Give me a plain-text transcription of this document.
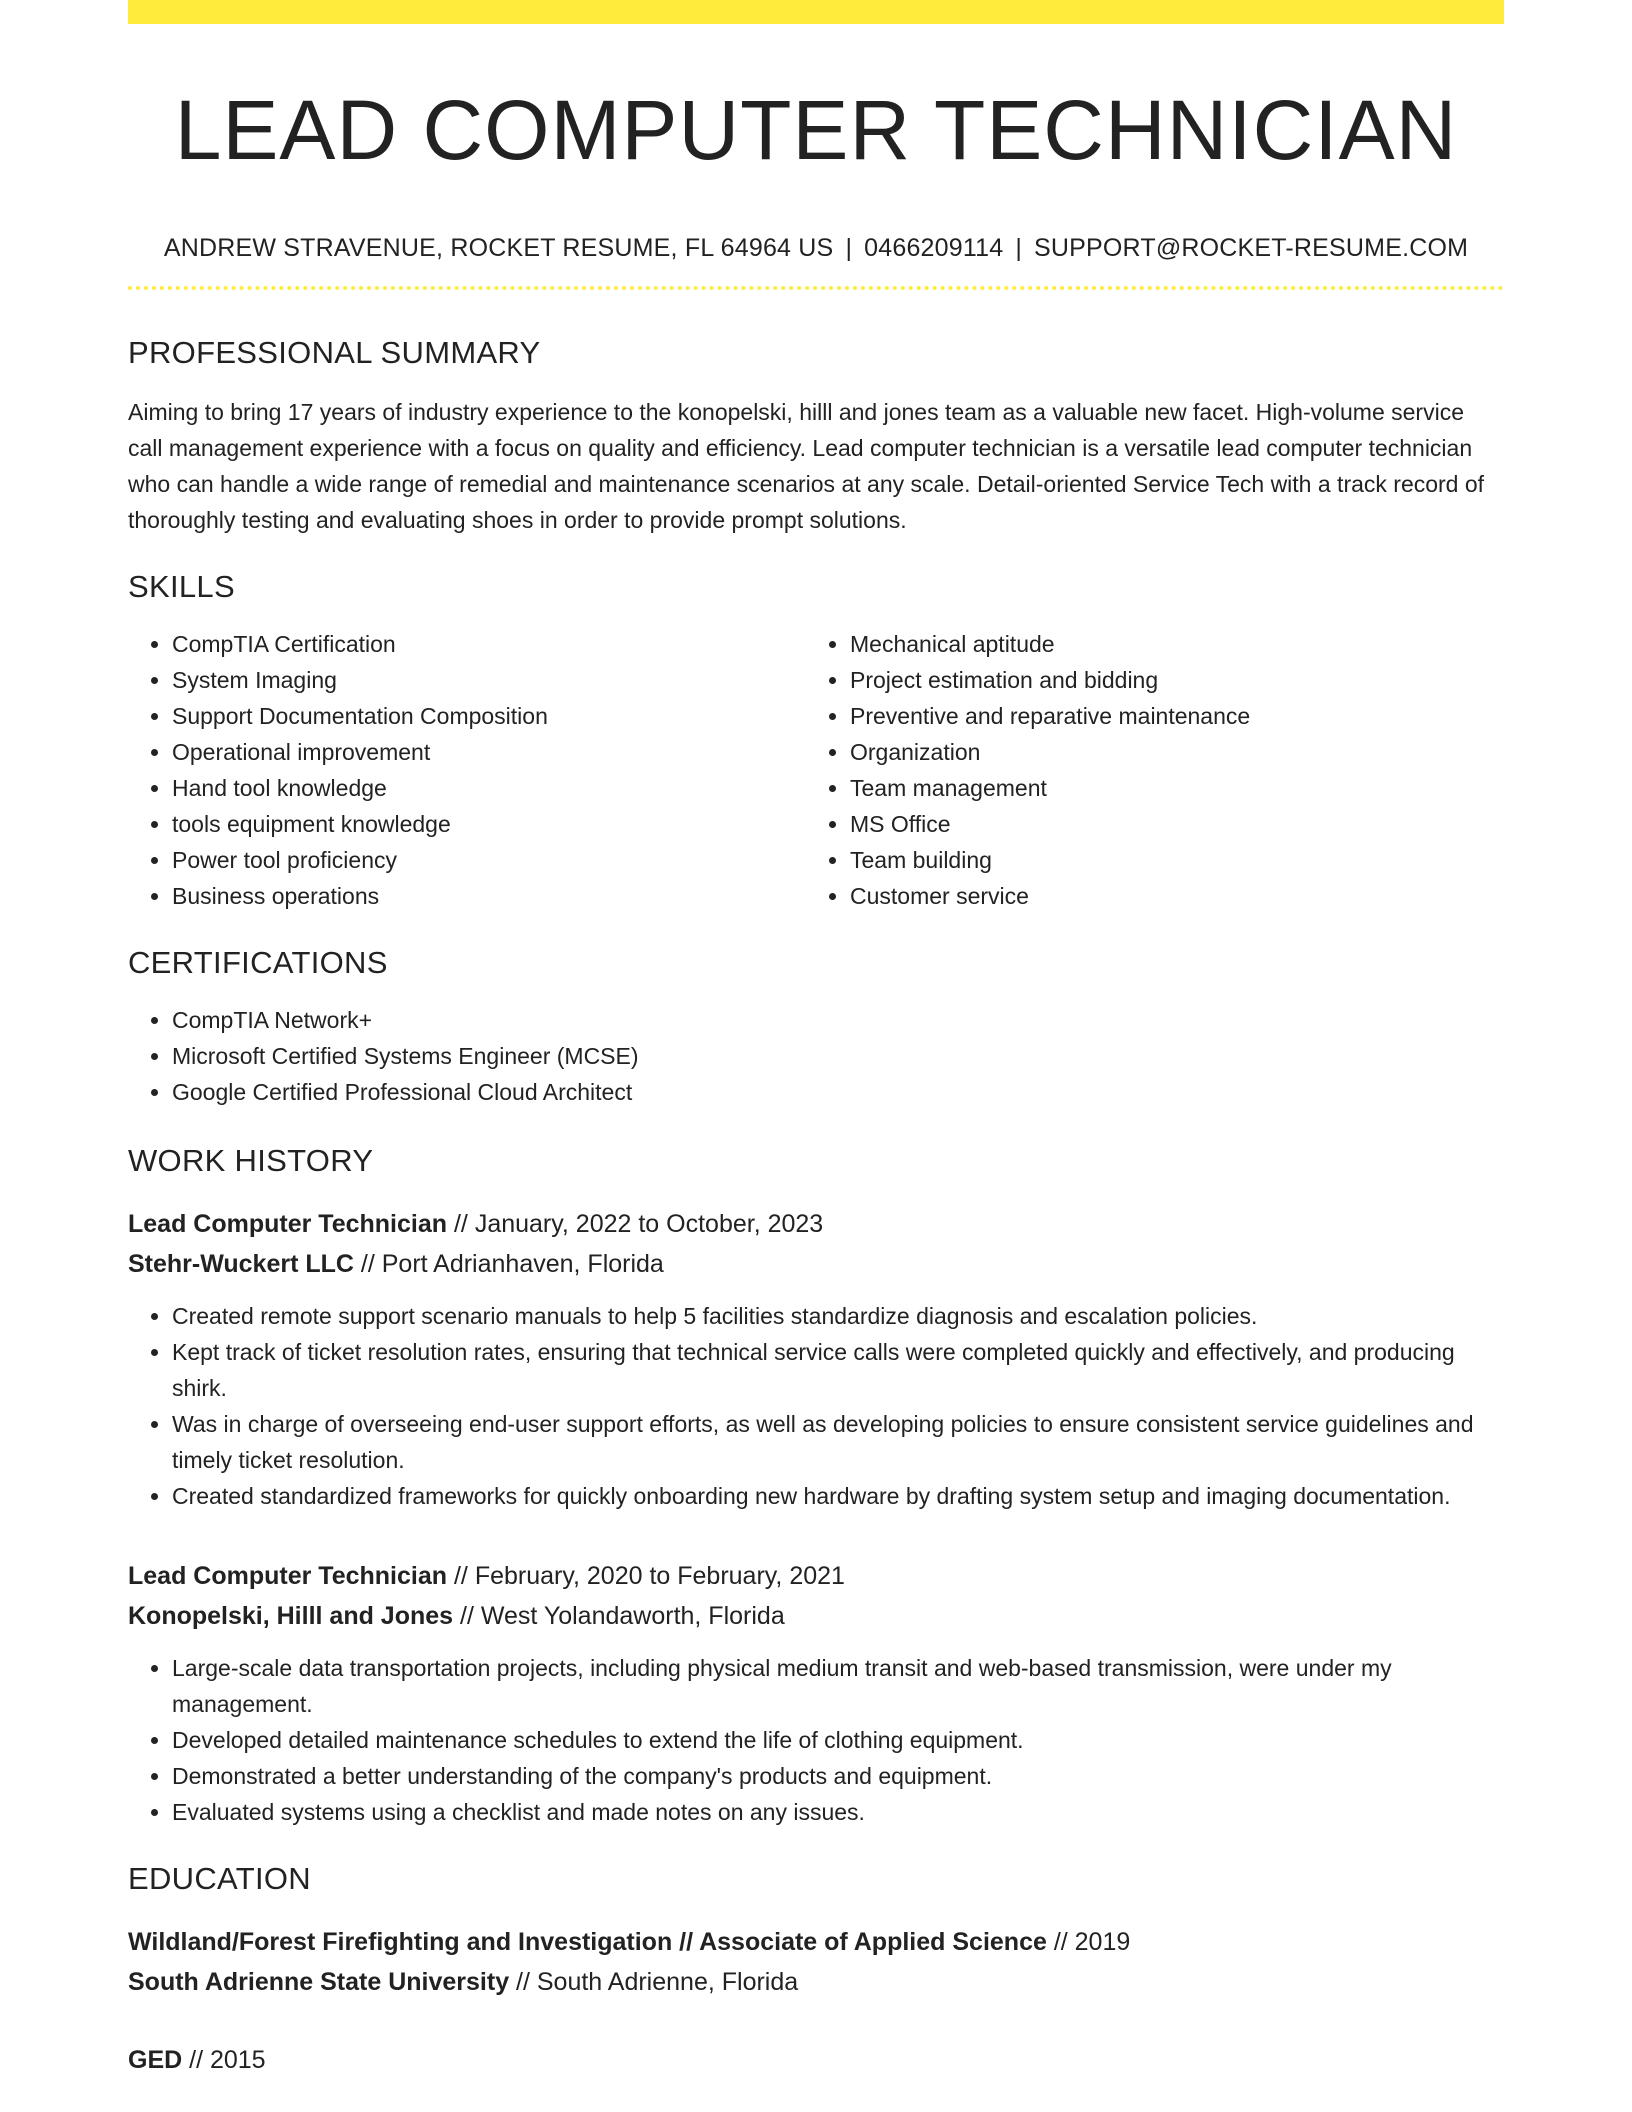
LEAD COMPUTER TECHNICIAN
ANDREW STRAVENUE, ROCKET RESUME, FL 64964 US | 0466209114 | SUPPORT@ROCKET-RESUME.COM
PROFESSIONAL SUMMARY
Aiming to bring 17 years of industry experience to the konopelski, hilll and jones team as a valuable new facet. High-volume service call management experience with a focus on quality and efficiency. Lead computer technician is a versatile lead computer technician who can handle a wide range of remedial and maintenance scenarios at any scale. Detail-oriented Service Tech with a track record of thoroughly testing and evaluating shoes in order to provide prompt solutions.
SKILLS
• CompTIA Certification
• System Imaging
• Support Documentation Composition
• Operational improvement
• Hand tool knowledge
• tools equipment knowledge
• Power tool proficiency
• Business operations
• Mechanical aptitude
• Project estimation and bidding
• Preventive and reparative maintenance
• Organization
• Team management
• MS Office
• Team building
• Customer service
CERTIFICATIONS
• CompTIA Network+
• Microsoft Certified Systems Engineer (MCSE)
• Google Certified Professional Cloud Architect
WORK HISTORY
Lead Computer Technician // January, 2022 to October, 2023
Stehr-Wuckert LLC // Port Adrianhaven, Florida
• Created remote support scenario manuals to help 5 facilities standardize diagnosis and escalation policies.
• Kept track of ticket resolution rates, ensuring that technical service calls were completed quickly and effectively, and producing shirk.
• Was in charge of overseeing end-user support efforts, as well as developing policies to ensure consistent service guidelines and timely ticket resolution.
• Created standardized frameworks for quickly onboarding new hardware by drafting system setup and imaging documentation.
Lead Computer Technician // February, 2020 to February, 2021
Konopelski, Hilll and Jones // West Yolandaworth, Florida
• Large-scale data transportation projects, including physical medium transit and web-based transmission, were under my management.
• Developed detailed maintenance schedules to extend the life of clothing equipment.
• Demonstrated a better understanding of the company's products and equipment.
• Evaluated systems using a checklist and made notes on any issues.
EDUCATION
Wildland/Forest Firefighting and Investigation // Associate of Applied Science // 2019
South Adrienne State University // South Adrienne, Florida
GED // 2015
